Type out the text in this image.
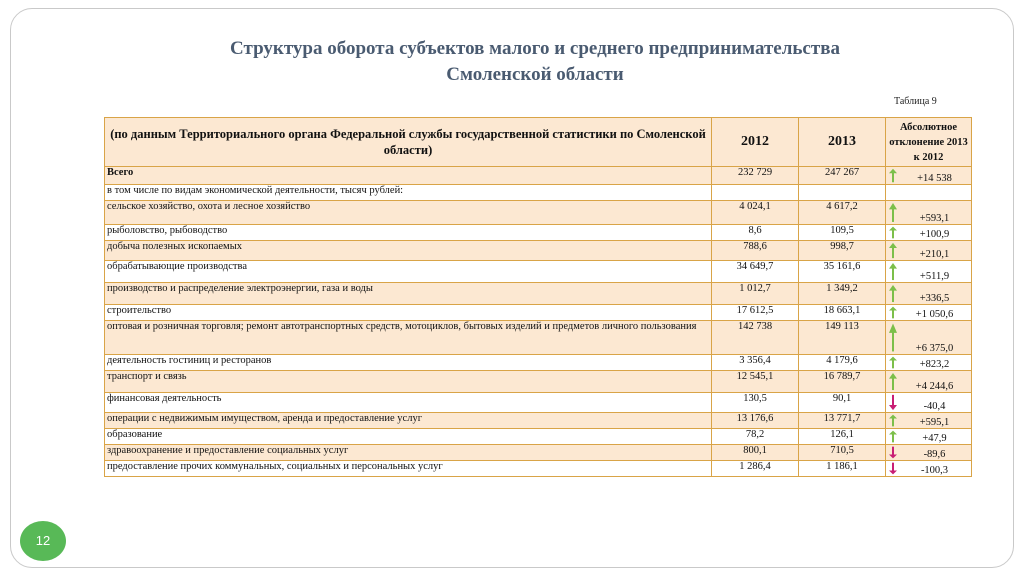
Структура оборота субъектов малого и среднего предпринимательства
Смоленской области
Таблица 9
(по данным Территориального органа Федеральной службы государственной статистики по Смоленской области)	2012	2013	Абсолютное отклонение 2013 к 2012
Всего	232 729	247 267	+14 538
в том числе по видам экономической деятельности, тысяч рублей:			
сельское хозяйство, охота и лесное хозяйство	4 024,1	4 617,2	+593,1
рыболовство, рыбоводство	8,6	109,5	+100,9
добыча полезных ископаемых	788,6	998,7	+210,1
обрабатывающие производства	34 649,7	35 161,6	+511,9
производство и распределение электроэнергии, газа и воды	1 012,7	1 349,2	+336,5
строительство	17 612,5	18 663,1	+1 050,6
оптовая и розничная торговля; ремонт автотранспортных средств, мотоциклов, бытовых изделий и предметов личного пользования	142 738	149 113	+6 375,0
деятельность гостиниц и ресторанов	3 356,4	4 179,6	+823,2
транспорт и связь	12 545,1	16 789,7	+4 244,6
финансовая деятельность	130,5	90,1	-40,4
операции с недвижимым имуществом, аренда и предоставление услуг	13 176,6	13 771,7	+595,1
образование	78,2	126,1	+47,9
здравоохранение и предоставление социальных услуг	800,1	710,5	-89,6
предоставление прочих коммунальных, социальных и персональных услуг	1 286,4	1 186,1	-100,3
12
